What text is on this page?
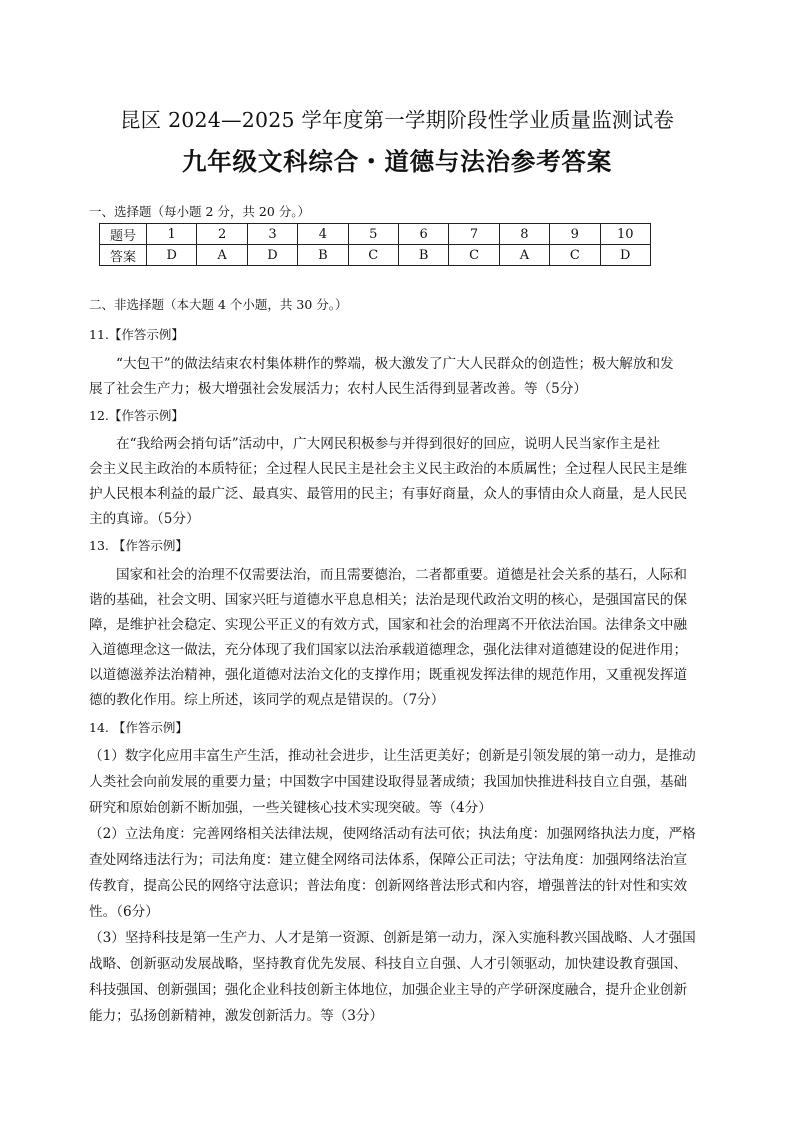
昆区 2024—2025 学年度第一学期阶段性学业质量监测试卷
九年级文科综合・道德与法治参考答案
一、选择题（每小题 2 分，共 20 分。）
题号	1	2	3	4	5	6	7	8	9	10
答案	D	A	D	B	C	B	C	A	C	D
二、非选择题（本大题 4 个小题，共 30 分。）
11.【作答示例】
“大包干”的做法结束农村集体耕作的弊端，极大激发了广大人民群众的创造性；极大解放和发
展了社会生产力；极大增强社会发展活力；农村人民生活得到显著改善。等（5分）
12.【作答示例】
在“我给两会捎句话”活动中，广大网民积极参与并得到很好的回应，说明人民当家作主是社
会主义民主政治的本质特征；全过程人民民主是社会主义民主政治的本质属性；全过程人民民主是维
护人民根本利益的最广泛、最真实、最管用的民主；有事好商量，众人的事情由众人商量，是人民民
主的真谛。（5分）
13. 【作答示例】
国家和社会的治理不仅需要法治，而且需要德治，二者都重要。道德是社会关系的基石，人际和
谐的基础，社会文明、国家兴旺与道德水平息息相关；法治是现代政治文明的核心，是强国富民的保
障，是维护社会稳定、实现公平正义的有效方式，国家和社会的治理离不开依法治国。法律条文中融
入道德理念这一做法，充分体现了我们国家以法治承载道德理念，强化法律对道德建设的促进作用；
以道德滋养法治精神，强化道德对法治文化的支撑作用；既重视发挥法律的规范作用，又重视发挥道
德的教化作用。综上所述，该同学的观点是错误的。（7分）
14. 【作答示例】
（1）数字化应用丰富生产生活，推动社会进步，让生活更美好；创新是引领发展的第一动力，是推动
人类社会向前发展的重要力量；中国数字中国建设取得显著成绩；我国加快推进科技自立自强，基础
研究和原始创新不断加强，一些关键核心技术实现突破。等（4分）
（2）立法角度：完善网络相关法律法规，使网络活动有法可依；执法角度：加强网络执法力度，严格
查处网络违法行为；司法角度：建立健全网络司法体系，保障公正司法；守法角度：加强网络法治宣
传教育，提高公民的网络守法意识；普法角度：创新网络普法形式和内容，增强普法的针对性和实效
性。（6分）
（3）坚持科技是第一生产力、人才是第一资源、创新是第一动力，深入实施科教兴国战略、人才强国
战略、创新驱动发展战略，坚持教育优先发展、科技自立自强、人才引领驱动，加快建设教育强国、
科技强国、创新强国；强化企业科技创新主体地位，加强企业主导的产学研深度融合，提升企业创新
能力；弘扬创新精神，激发创新活力。等（3分）
